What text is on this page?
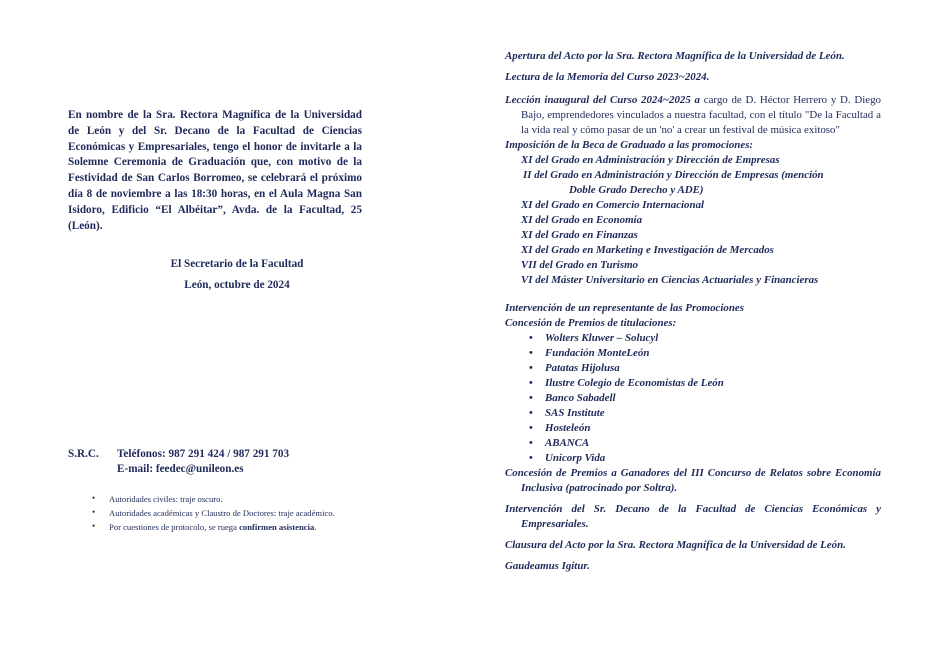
En nombre de la Sra. Rectora Magnífica de la Universidad de León y del Sr. Decano de la Facultad de Ciencias Económicas y Empresariales, tengo el honor de invitarle a la Solemne Ceremonia de Graduación que, con motivo de la Festividad de San Carlos Borromeo, se celebrará el próximo día 8 de noviembre a las 18:30 horas, en el Aula Magna San Isidoro, Edificio “El Albéitar”, Avda. de la Facultad, 25 (León).

El Secretario de la Facultad
León, octubre de 2024
S.R.C. Teléfonos: 987 291 424 / 987 291 703
E-mail: feedec@unileon.es
• Autoridades civiles: traje oscuro.
• Autoridades académicas y Claustro de Doctores: traje académico.
• Por cuestiones de protocolo, se ruega confirmen asistencia.

Apertura del Acto por la Sra. Rectora Magnífica de la Universidad de León.

Lectura de la Memoria del Curso 2023~2024.

Lección inaugural del Curso 2024~2025 a cargo de D. Héctor Herrero y D. Diego Bajo, emprendedores vinculados a nuestra facultad, con el título "De la Facultad a la vida real y cómo pasar de un 'no' a crear un festival de música exitoso"

Imposición de la Beca de Graduado a las promociones:

XI del Grado en Administración y Dirección de Empresas

II del Grado en Administración y Dirección de Empresas (mención

Doble Grado Derecho y ADE)

XI del Grado en Comercio Internacional

XI del Grado en Economía

XI del Grado en Finanzas

XI del Grado en Marketing e Investigación de Mercados

VII del Grado en Turismo

VI del Máster Universitario en Ciencias Actuariales y Financieras

Intervención de un representante de las Promociones

Concesión de Premios de titulaciones:

• Wolters Kluwer – Solucyl
• Fundación MonteLeón
• Patatas Hijolusa
• Ilustre Colegio de Economistas de León
• Banco Sabadell
• SAS Institute
• Hosteleón
• ABANCA
• Unicorp Vida

Concesión de Premios a Ganadores del III Concurso de Relatos sobre Economía Inclusiva (patrocinado por Soltra).

Intervención del Sr. Decano de la Facultad de Ciencias Económicas y Empresariales.

Clausura del Acto por la Sra. Rectora Magnífica de la Universidad de León.

Gaudeamus Igitur.
